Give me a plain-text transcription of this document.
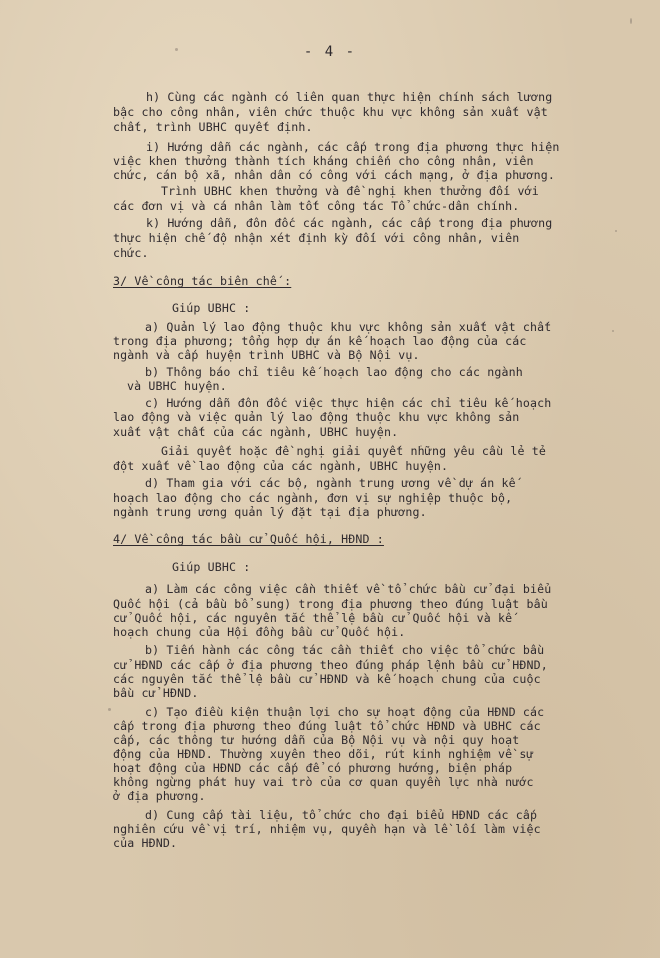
- 4 -
h) Cùng các ngành có liên quan thực hiện chính sách lương
bậc cho công nhân, viên chức thuộc khu vực không sản xuất vật
chất, trình UBHC quyết định.
i) Hướng dẫn các ngành, các cấp trong địa phương thực hiện
việc khen thưởng thành tích kháng chiến cho công nhân, viên
chức, cán bộ xã, nhân dân có công với cách mạng, ở địa phương.
Trình UBHC khen thưởng và đề nghị khen thưởng đối với
các đơn vị và cá nhân làm tốt công tác Tổ chức-dân chính.
k) Hướng dẫn, đôn đốc các ngành, các cấp trong địa phương
thực hiện chế độ nhận xét định kỳ đối với công nhân, viên
chức.
3/ Về công tác biên chế :
Giúp UBHC :
a) Quản lý lao động thuộc khu vực không sản xuất vật chất
trong địa phương; tổng hợp dự án kế hoạch lao động của các
ngành và cấp huyện trình UBHC và Bộ Nội vụ.
b) Thông báo chỉ tiêu kế hoạch lao động cho các ngành
và UBHC huyện.
c) Hướng dẫn đôn đốc việc thực hiện các chỉ tiêu kế hoạch
lao động và việc quản lý lao động thuộc khu vực không sản
xuất vật chất của các ngành, UBHC huyện.
Giải quyết hoặc đề nghị giải quyết những yêu cầu lẻ tẻ
đột xuất về lao động của các ngành, UBHC huyện.
d) Tham gia với các bộ, ngành trung ương về dự án kế
hoạch lao động cho các ngành, đơn vị sự nghiệp thuộc bộ,
ngành trung ương quản lý đặt tại địa phương.
4/ Về công tác bầu cử Quốc hội, HĐND :
Giúp UBHC :
a) Làm các công việc cần thiết về tổ chức bầu cử đại biểu
Quốc hội (cả bầu bổ sung) trong địa phương theo đúng luật bầu
cử Quốc hội, các nguyên tắc thể lệ bầu cử Quốc hội và kế
hoạch chung của Hội đồng bầu cử Quốc hội.
b) Tiến hành các công tác cần thiết cho việc tổ chức bầu
cử HĐND các cấp ở địa phương theo đúng pháp lệnh bầu cử HĐND,
các nguyên tắc thể lệ bầu cử HĐND và kế hoạch chung của cuộc
bầu cử HĐND.
c) Tạo điều kiện thuận lợi cho sự hoạt động của HĐND các
cấp trong địa phương theo đúng luật tổ chức HĐND và UBHC các
cấp, các thông tư hướng dẫn của Bộ Nội vụ và nội quy hoạt
động của HĐND. Thường xuyên theo dõi, rút kinh nghiệm về sự
hoạt động của HĐND các cấp để có phương hướng, biện pháp
không ngừng phát huy vai trò của cơ quan quyền lực nhà nước
ở địa phương.
d) Cung cấp tài liệu, tổ chức cho đại biểu HĐND các cấp
nghiên cứu về vị trí, nhiệm vụ, quyền hạn và lề lối làm việc
của HĐND.
